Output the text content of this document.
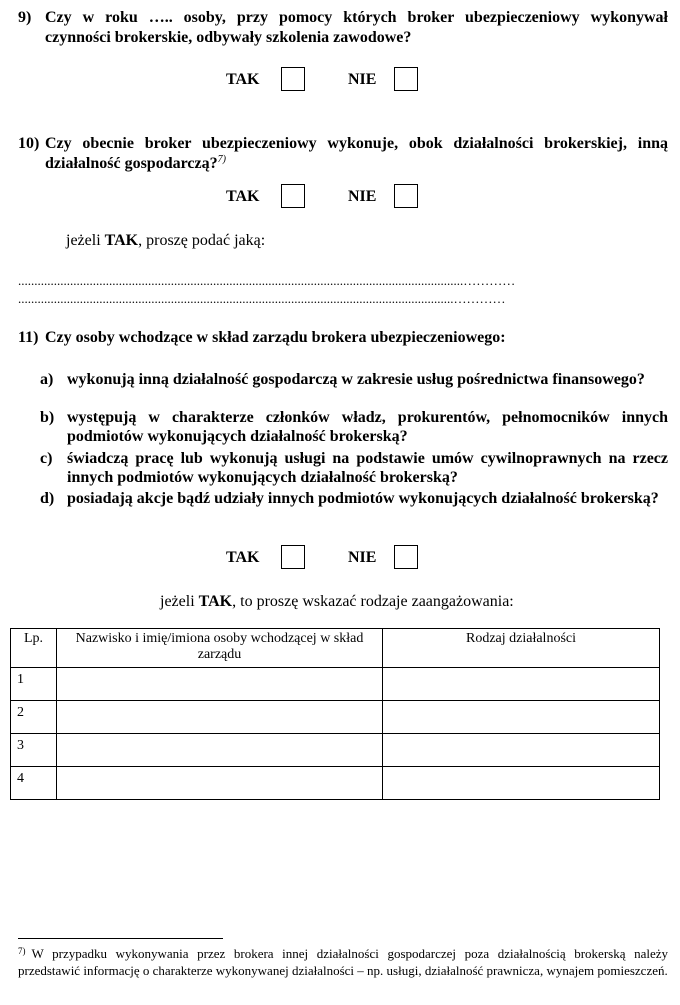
9) Czy w roku ….. osoby, przy pomocy których broker ubezpieczeniowy wykonywał czynności brokerskie, odbywały szkolenia zawodowe?
TAK	NIE
10) Czy obecnie broker ubezpieczeniowy wykonuje, obok działalności brokerskiej, inną działalność gospodarczą?$^{7)}$
TAK	NIE
jeżeli TAK, proszę podać jaką:
.........................................................................................................................................…………
......................................................................................................................................…………
11) Czy osoby wchodzące w skład zarządu brokera ubezpieczeniowego:
a) wykonują inną działalność gospodarczą w zakresie usług pośrednictwa finansowego?
b) występują w charakterze członków władz, prokurentów, pełnomocników innych podmiotów wykonujących działalność brokerską?
c) świadczą pracę lub wykonują usługi na podstawie umów cywilnoprawnych na rzecz innych podmiotów wykonujących działalność brokerską?
d) posiadają akcje bądź udziały innych podmiotów wykonujących działalność brokerską?
TAK	NIE
jeżeli TAK, to proszę wskazać rodzaje zaangażowania:
Lp.	Nazwisko i imię/imiona osoby wchodzącej w skład zarządu	Rodzaj działalności
1		
2		
3		
4		
$^{7)}$ W przypadku wykonywania przez brokera innej działalności gospodarczej poza działalnością brokerską należy przedstawić informację o charakterze wykonywanej działalności – np. usługi, działalność prawnicza, wynajem pomieszczeń.
